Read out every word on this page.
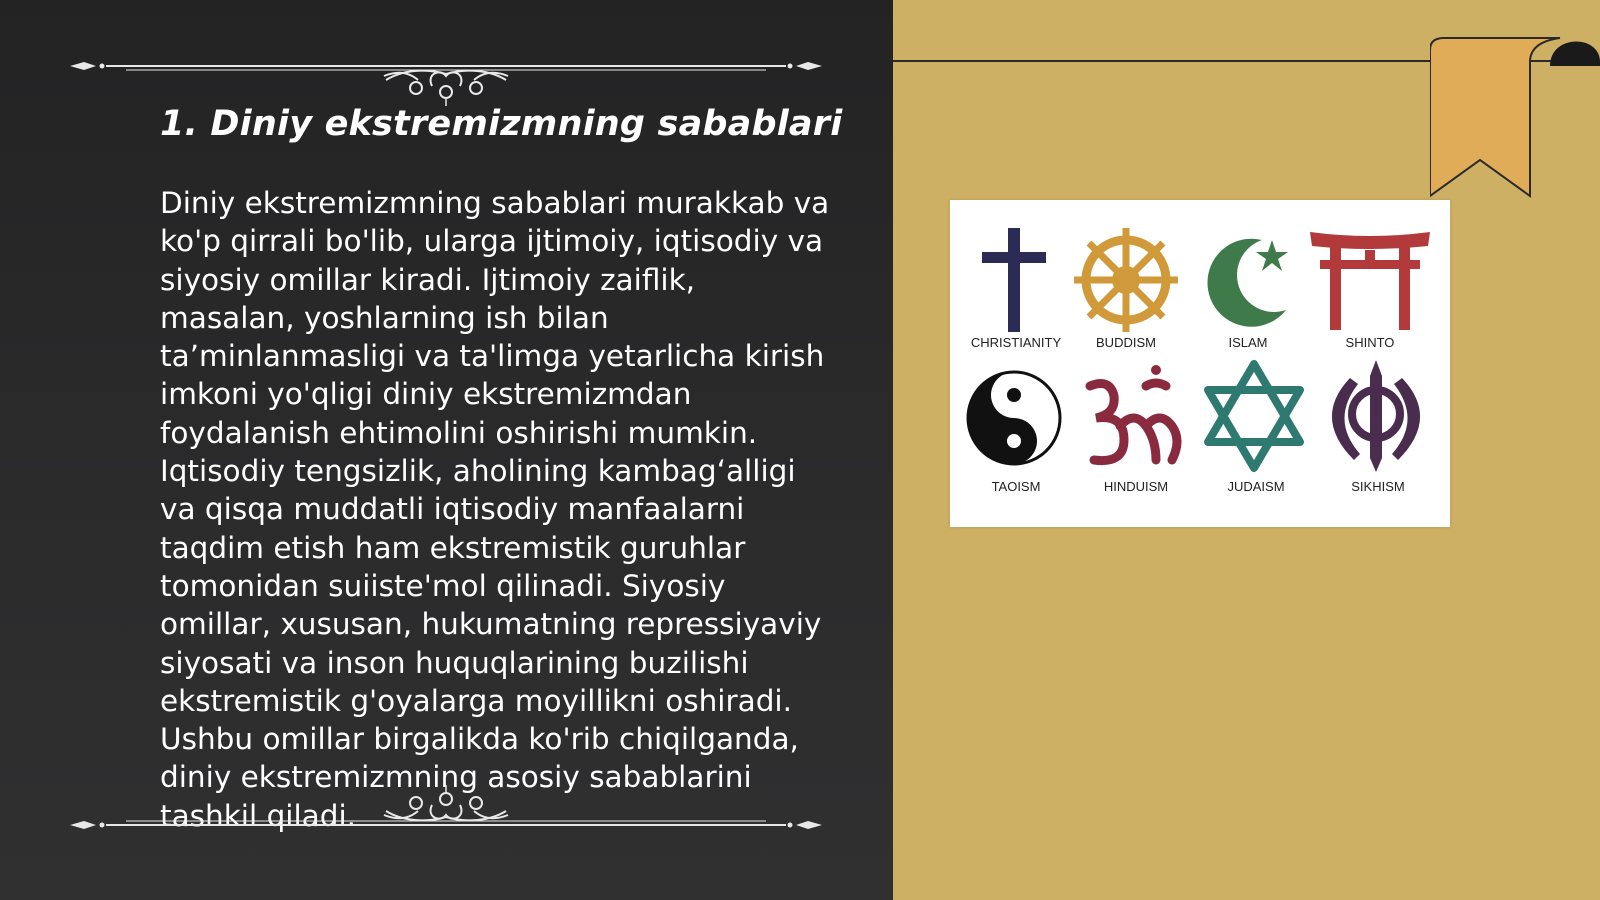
1. Diniy ekstremizmning sabablari

Diniy ekstremizmning sabablari murakkab va
ko'p qirrali bo'lib, ularga ijtimoiy, iqtisodiy va
siyosiy omillar kiradi. Ijtimoiy zaiflik,
masalan, yoshlarning ish bilan
ta’minlanmasligi va ta'limga yetarlicha kirish
imkoni yo'qligi diniy ekstremizmdan
foydalanish ehtimolini oshirishi mumkin.
Iqtisodiy tengsizlik, aholining kambag‘alligi
va qisqa muddatli iqtisodiy manfaalarni
taqdim etish ham ekstremistik guruhlar
tomonidan suiiste'mol qilinadi. Siyosiy
omillar, xususan, hukumatning repressiyaviy
siyosati va inson huquqlarining buzilishi
ekstremistik g'oyalarga moyillikni oshiradi.
Ushbu omillar birgalikda ko'rib chiqilganda,
diniy ekstremizmning asosiy sabablarini
tashkil qiladi.

CHRISTIANITY	BUDDISM	ISLAM	SHINTO
TAOISM	HINDUISM	JUDAISM	SIKHISM
